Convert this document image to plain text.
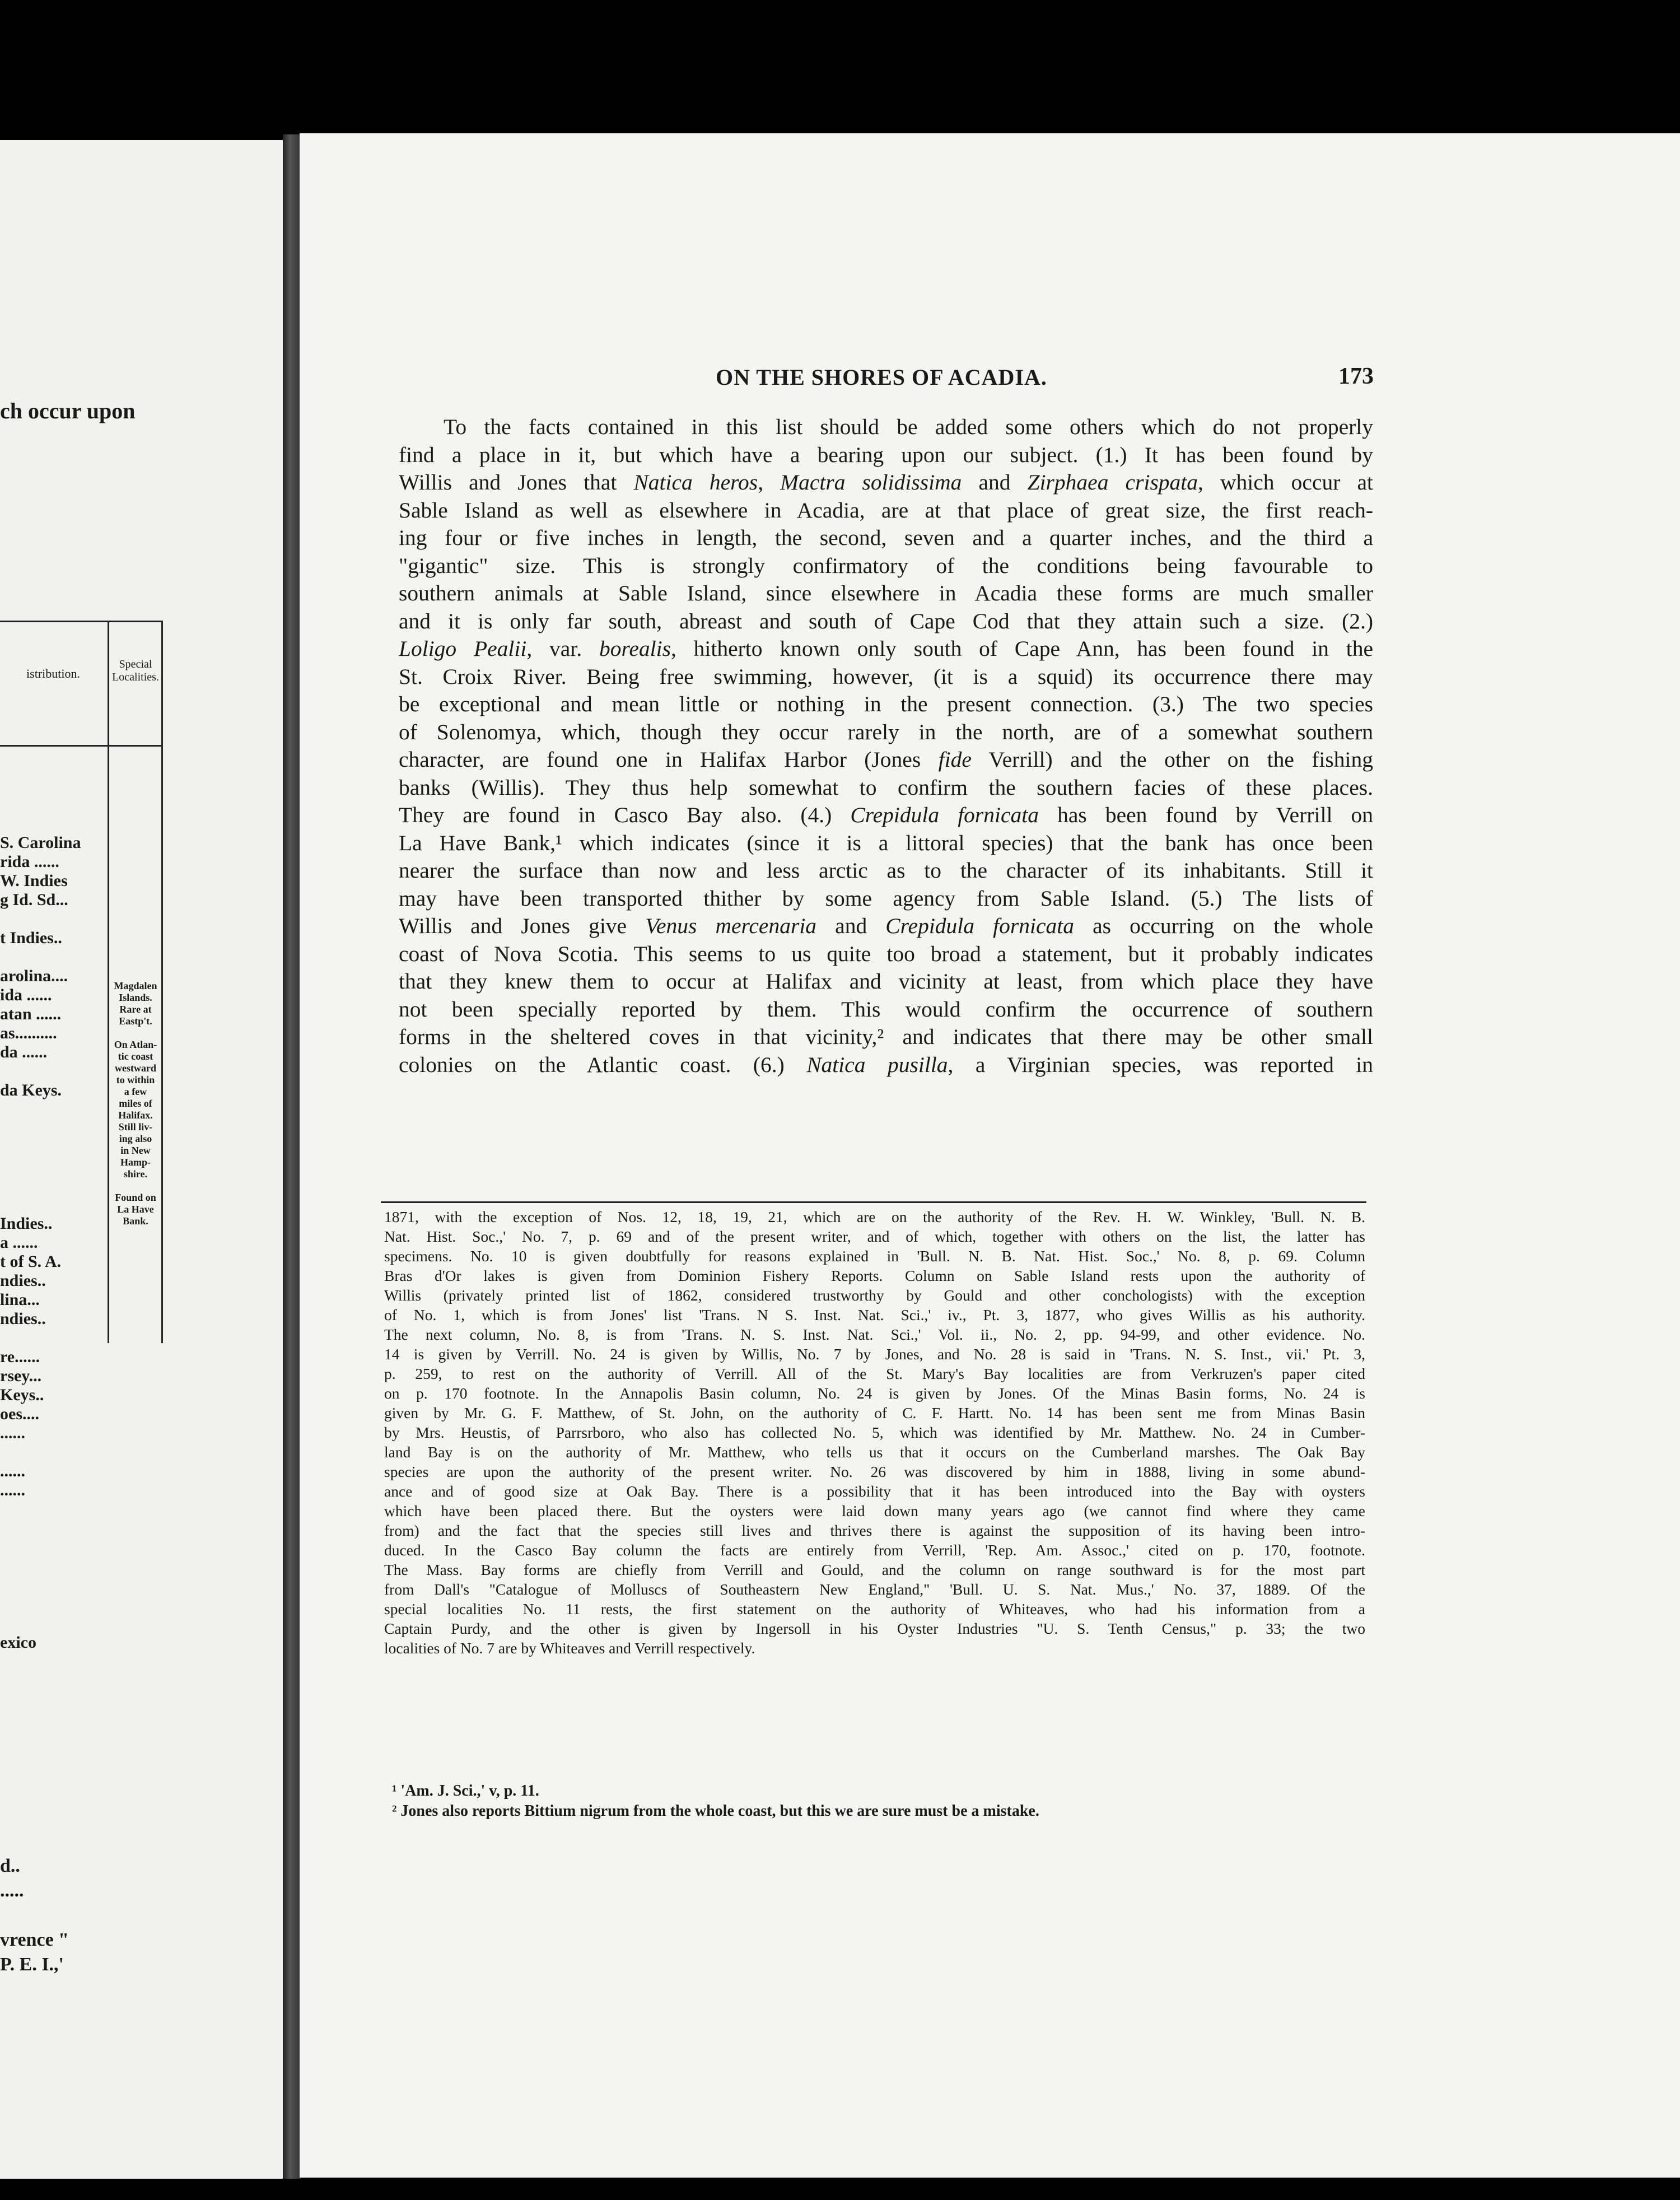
ch occur upon
istribution.
Special Localities.
S. Carolina
rida ......
W. Indies
g Id. Sd...

t Indies..

arolina....
ida ......
atan ......
as..........
da ......

da Keys.

Indies..
a ......
t of S. A.
ndies..
lina...
ndies..

re......
rsey...
Keys..
oes....
......

......
......

exico
Magdalen Islands.
Rare at
Eastp't.

On Atlan-
tic coast
westward
to within
a few
miles of
Halifax.
Still liv-
ing also
in New
Hamp-
shire.

Found on
La Have
Bank.
d..
.....

vrence "
P. E. I.,'
ON THE SHORES OF ACADIA.	173

To the facts contained in this list should be added some others which do not properly
find a place in it, but which have a bearing upon our subject. (1.) It has been found by
Willis and Jones that Natica heros, Mactra solidissima and Zirphaea crispata, which occur at
Sable Island as well as elsewhere in Acadia, are at that place of great size, the first reach-
ing four or five inches in length, the second, seven and a quarter inches, and the third a
"gigantic" size. This is strongly confirmatory of the conditions being favourable to
southern animals at Sable Island, since elsewhere in Acadia these forms are much smaller
and it is only far south, abreast and south of Cape Cod that they attain such a size. (2.)
Loligo Pealii, var. borealis, hitherto known only south of Cape Ann, has been found in the
St. Croix River. Being free swimming, however, (it is a squid) its occurrence there may
be exceptional and mean little or nothing in the present connection. (3.) The two species
of Solenomya, which, though they occur rarely in the north, are of a somewhat southern
character, are found one in Halifax Harbor (Jones fide Verrill) and the other on the fishing
banks (Willis). They thus help somewhat to confirm the southern facies of these places.
They are found in Casco Bay also. (4.) Crepidula fornicata has been found by Verrill on
La Have Bank,¹ which indicates (since it is a littoral species) that the bank has once been
nearer the surface than now and less arctic as to the character of its inhabitants. Still it
may have been transported thither by some agency from Sable Island. (5.) The lists of
Willis and Jones give Venus mercenaria and Crepidula fornicata as occurring on the whole
coast of Nova Scotia. This seems to us quite too broad a statement, but it probably indicates
that they knew them to occur at Halifax and vicinity at least, from which place they have
not been specially reported by them. This would confirm the occurrence of southern
forms in the sheltered coves in that vicinity,² and indicates that there may be other small
colonies on the Atlantic coast. (6.) Natica pusilla, a Virginian species, was reported in

1871, with the exception of Nos. 12, 18, 19, 21, which are on the authority of the Rev. H. W. Winkley, 'Bull. N. B.
Nat. Hist. Soc.,' No. 7, p. 69 and of the present writer, and of which, together with others on the list, the latter has
specimens. No. 10 is given doubtfully for reasons explained in 'Bull. N. B. Nat. Hist. Soc.,' No. 8, p. 69. Column
Bras d'Or lakes is given from Dominion Fishery Reports. Column on Sable Island rests upon the authority of
Willis (privately printed list of 1862, considered trustworthy by Gould and other conchologists) with the exception
of No. 1, which is from Jones' list 'Trans. N S. Inst. Nat. Sci.,' iv., Pt. 3, 1877, who gives Willis as his authority.
The next column, No. 8, is from 'Trans. N. S. Inst. Nat. Sci.,' Vol. ii., No. 2, pp. 94-99, and other evidence. No.
14 is given by Verrill. No. 24 is given by Willis, No. 7 by Jones, and No. 28 is said in 'Trans. N. S. Inst., vii.' Pt. 3,
p. 259, to rest on the authority of Verrill. All of the St. Mary's Bay localities are from Verkruzen's paper cited
on p. 170 footnote. In the Annapolis Basin column, No. 24 is given by Jones. Of the Minas Basin forms, No. 24 is
given by Mr. G. F. Matthew, of St. John, on the authority of C. F. Hartt. No. 14 has been sent me from Minas Basin
by Mrs. Heustis, of Parrsrboro, who also has collected No. 5, which was identified by Mr. Matthew. No. 24 in Cumber-
land Bay is on the authority of Mr. Matthew, who tells us that it occurs on the Cumberland marshes. The Oak Bay
species are upon the authority of the present writer. No. 26 was discovered by him in 1888, living in some abund-
ance and of good size at Oak Bay. There is a possibility that it has been introduced into the Bay with oysters
which have been placed there. But the oysters were laid down many years ago (we cannot find where they came
from) and the fact that the species still lives and thrives there is against the supposition of its having been intro-
duced. In the Casco Bay column the facts are entirely from Verrill, 'Rep. Am. Assoc.,' cited on p. 170, footnote.
The Mass. Bay forms are chiefly from Verrill and Gould, and the column on range southward is for the most part
from Dall's "Catalogue of Molluscs of Southeastern New England," 'Bull. U. S. Nat. Mus.,' No. 37, 1889. Of the
special localities No. 11 rests, the first statement on the authority of Whiteaves, who had his information from a
Captain Purdy, and the other is given by Ingersoll in his Oyster Industries "U. S. Tenth Census," p. 33; the two
localities of No. 7 are by Whiteaves and Verrill respectively.

¹ 'Am. J. Sci.,' v, p. 11.
² Jones also reports Bittium nigrum from the whole coast, but this we are sure must be a mistake.
